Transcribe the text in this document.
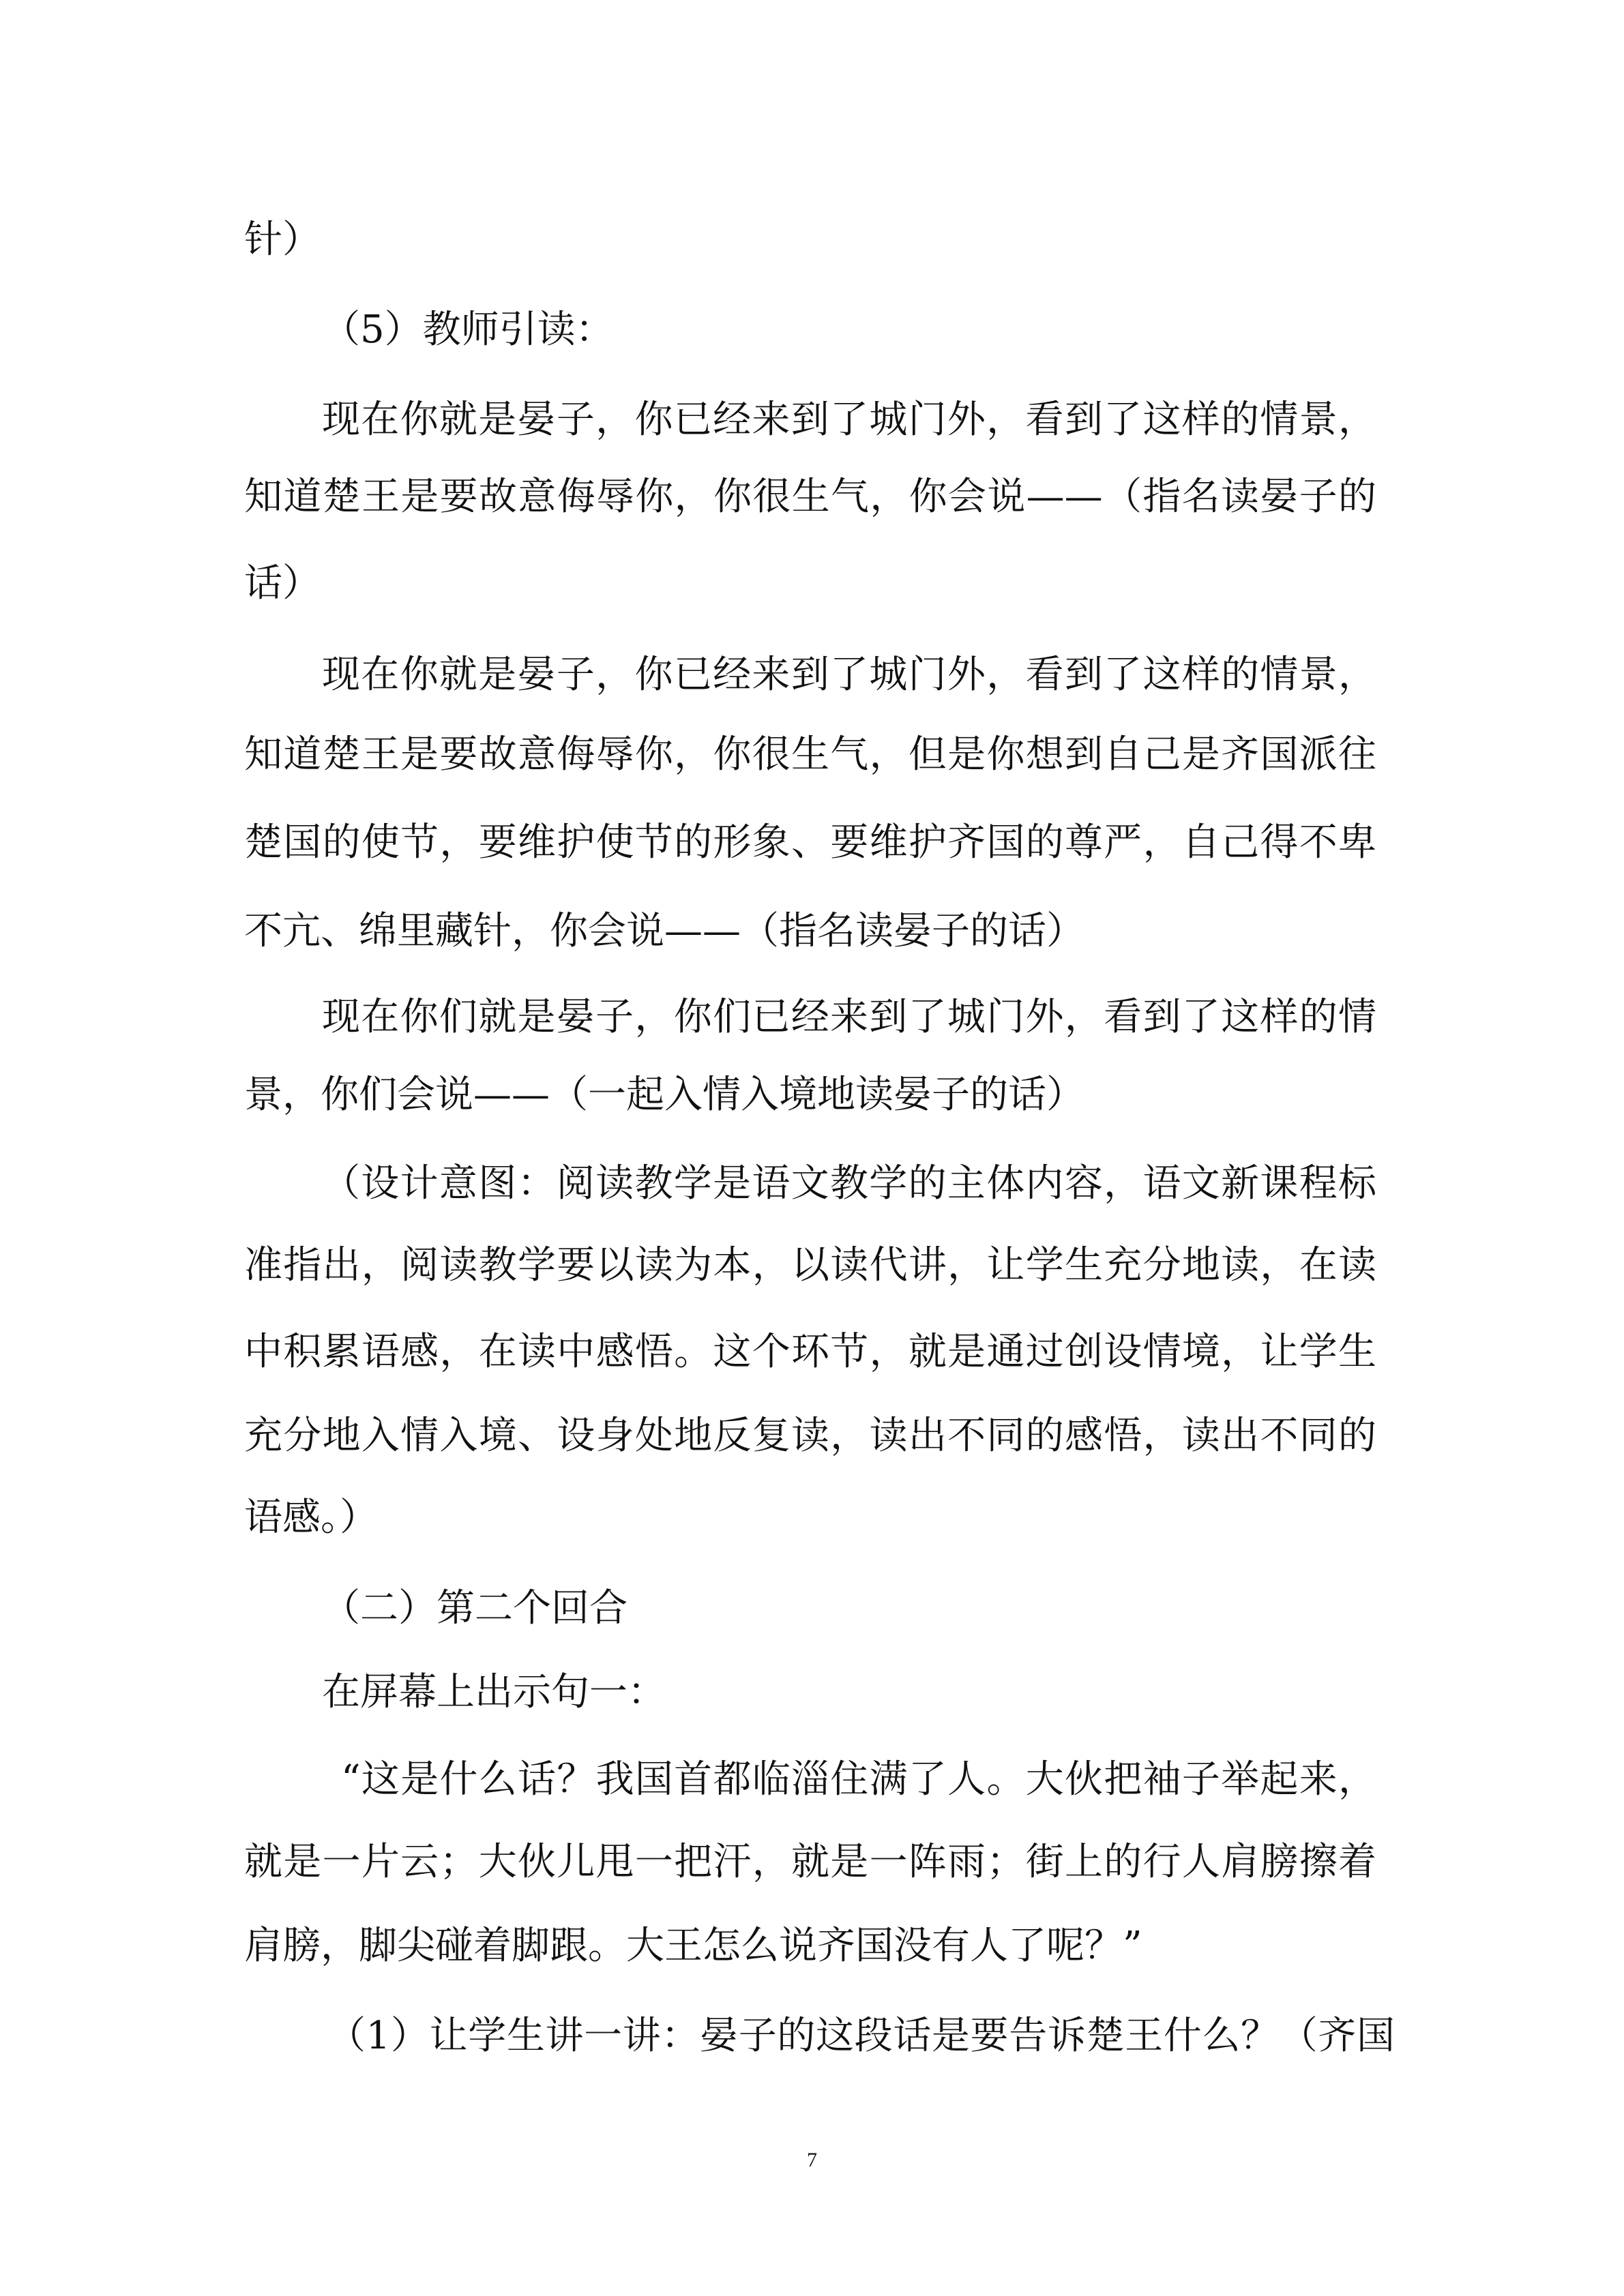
针）
（5）教师引读：
现在你就是晏子，你已经来到了城门外，看到了这样的情景，
知道楚王是要故意侮辱你，你很生气，你会说——（指名读晏子的
话）
现在你就是晏子，你已经来到了城门外，看到了这样的情景，
知道楚王是要故意侮辱你，你很生气，但是你想到自己是齐国派往
楚国的使节，要维护使节的形象、要维护齐国的尊严，自己得不卑
不亢、绵里藏针，你会说——（指名读晏子的话）
现在你们就是晏子，你们已经来到了城门外，看到了这样的情
景，你们会说——（一起入情入境地读晏子的话）
（设计意图：阅读教学是语文教学的主体内容，语文新课程标
准指出，阅读教学要以读为本，以读代讲，让学生充分地读，在读
中积累语感，在读中感悟。这个环节，就是通过创设情境，让学生
充分地入情入境、设身处地反复读，读出不同的感悟，读出不同的
语感。）
（二）第二个回合
在屏幕上出示句一：
“这是什么话？我国首都临淄住满了人。大伙把袖子举起来，
就是一片云；大伙儿甩一把汗，就是一阵雨；街上的行人肩膀擦着
肩膀，脚尖碰着脚跟。大王怎么说齐国没有人了呢？”
（1）让学生讲一讲：晏子的这段话是要告诉楚王什么？（齐国
7
